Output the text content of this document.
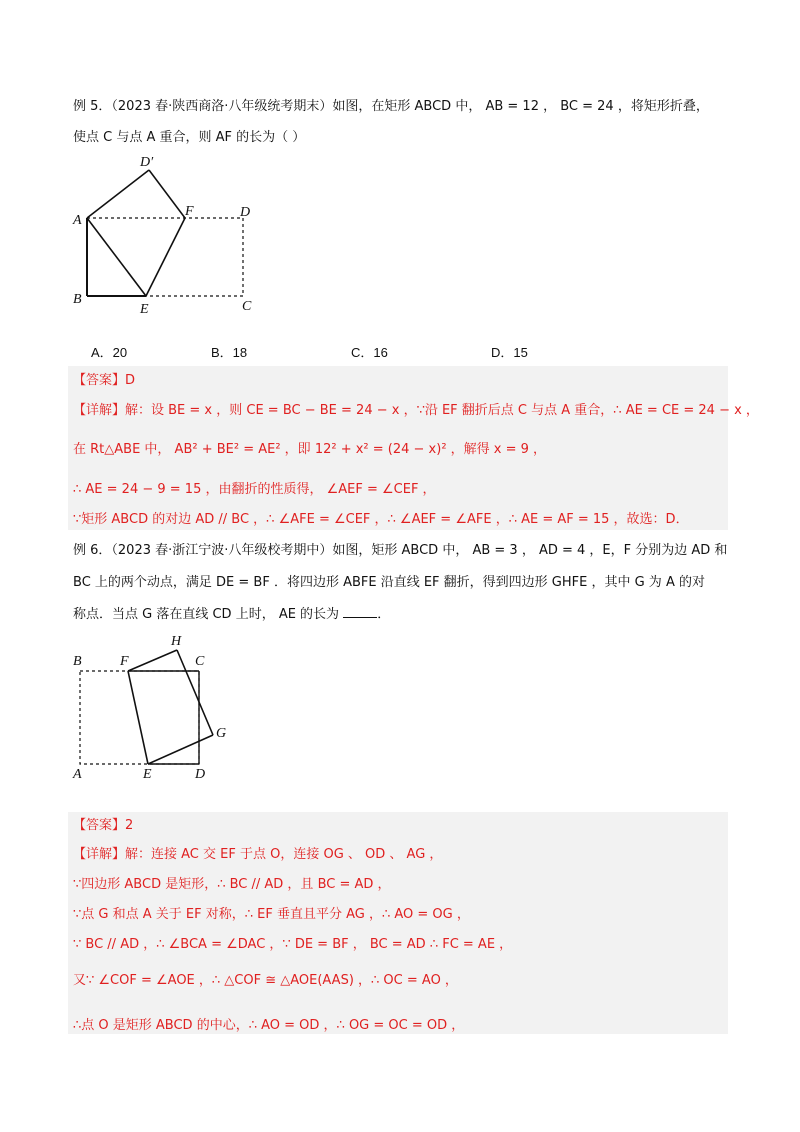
例 5．（2023 春·陕西商洛·八年级统考期末）如图，在矩形 ABCD 中， AB = 12 ， BC = 24 ，将矩形折叠，
使点 C 与点 A 重合，则 AF 的长为（ ）
D′
A
F	D
B
E	C
A．20	B．18	C．16	D．15
【答案】D
【详解】解：设 BE = x ，则 CE = BC − BE = 24 − x ，∵沿 EF 翻折后点 C 与点 A 重合，∴ AE = CE = 24 − x ，
在 Rt△ABE 中， AB² + BE² = AE² ，即 12² + x² = (24 − x)² ，解得 x = 9 ，
∴ AE = 24 − 9 = 15 ，由翻折的性质得， ∠AEF = ∠CEF ，
∵矩形 ABCD 的对边 AD // BC ，∴ ∠AFE = ∠CEF ，∴ ∠AEF = ∠AFE ，∴ AE = AF = 15 ，故选：D．
例 6．（2023 春·浙江宁波·八年级校考期中）如图，矩形 ABCD 中， AB = 3 ， AD = 4 ，E，F 分别为边 AD 和
BC 上的两个动点，满足 DE = BF ．将四边形 ABFE 沿直线 EF 翻折，得到四边形 GHFE ，其中 G 为 A 的对
称点．当点 G 落在直线 CD 上时， AE 的长为	．
B	F
H
C
G
A	E	D
【答案】2
【详解】解：连接 AC 交 EF 于点 O，连接 OG 、 OD 、 AG ，
∵四边形 ABCD 是矩形，∴ BC // AD ，且 BC = AD ，
∵点 G 和点 A 关于 EF 对称，∴ EF 垂直且平分 AG ，∴ AO = OG ，
∵ BC // AD ，∴ ∠BCA = ∠DAC ，∵ DE = BF ， BC = AD ∴ FC = AE ，
又∵ ∠COF = ∠AOE ，∴ △COF ≅ △AOE(AAS) ，∴ OC = AO ，
∴点 O 是矩形 ABCD 的中心，∴ AO = OD ，∴ OG = OC = OD ，
